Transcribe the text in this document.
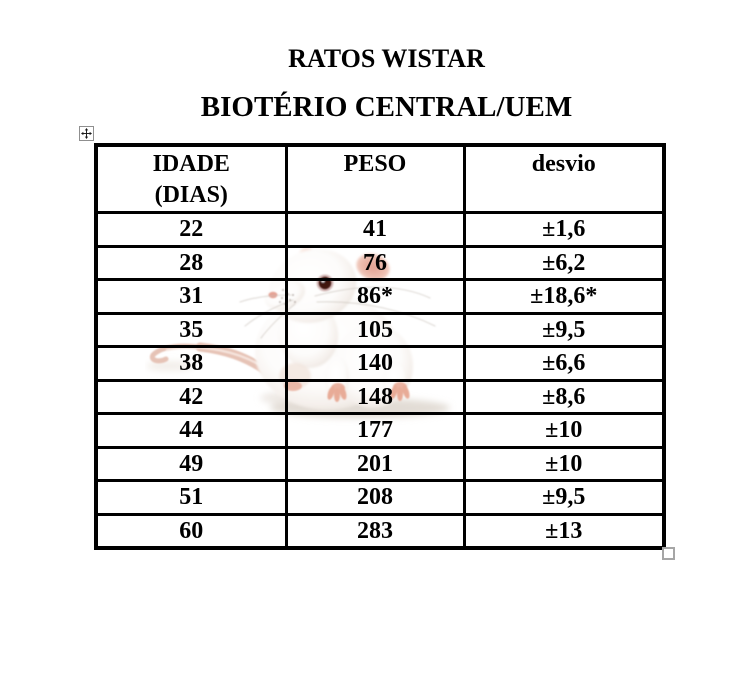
RATOS WISTAR
BIOTÉRIO CENTRAL/UEM
IDADE
(DIAS)	PESO	desvio
22	41	±1,6
28	76	±6,2
31	86*	±18,6*
35	105	±9,5
38	140	±6,6
42	148	±8,6
44	177	±10
49	201	±10
51	208	±9,5
60	283	±13
